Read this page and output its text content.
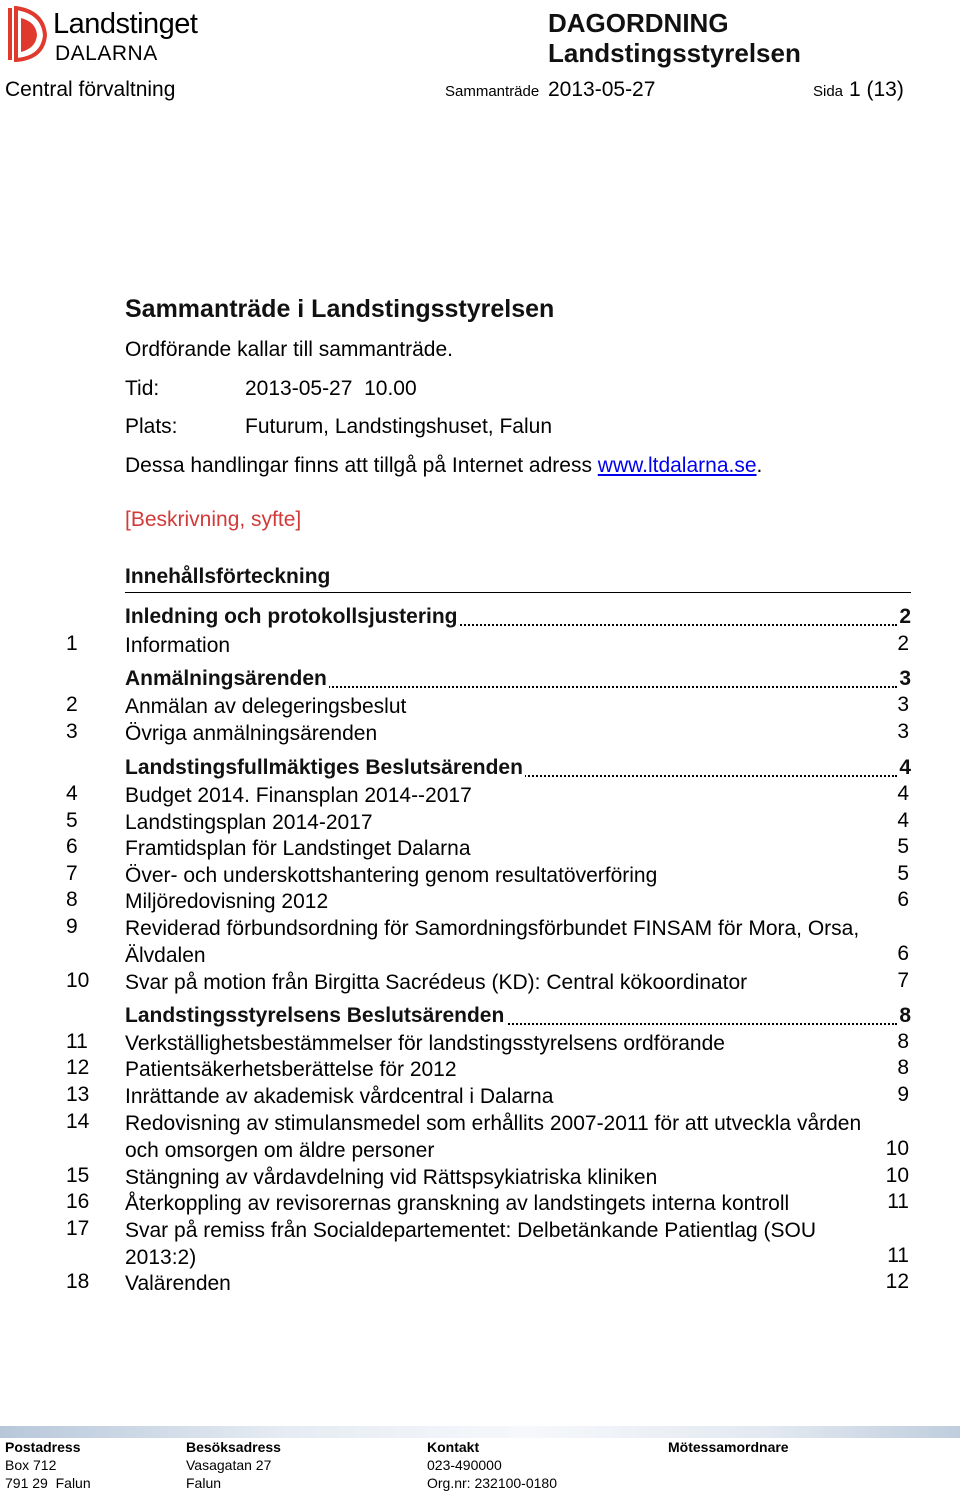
Landstinget
DALARNA
DAGORDNING
Landstingsstyrelsen
Central förvaltning	Sammanträde 2013-05-27	Sida 1 (13)
Sammanträde i Landstingsstyrelsen
Ordförande kallar till sammanträde.
Tid:	2013-05-27  10.00
Plats:	Futurum, Landstingshuset, Falun
Dessa handlingar finns att tillgå på Internet adress www.ltdalarna.se.
[Beskrivning, syfte]
Innehållsförteckning
Inledning och protokollsjustering	2
1 Information	2
Anmälningsärenden	3
2 Anmälan av delegeringsbeslut	3
3 Övriga anmälningsärenden	3
Landstingsfullmäktiges Beslutsärenden	4
4 Budget 2014. Finansplan 2014--2017	4
5 Landstingsplan 2014-2017	4
6 Framtidsplan för Landstinget Dalarna	5
7 Över- och underskottshantering genom resultatöverföring	5
8 Miljöredovisning 2012	6
9 Reviderad förbundsordning för Samordningsförbundet FINSAM för Mora, Orsa, Älvdalen	6
10 Svar på motion från Birgitta Sacrédeus (KD): Central kökoordinator	7
Landstingsstyrelsens Beslutsärenden	8
11 Verkställighetsbestämmelser för landstingsstyrelsens ordförande	8
12 Patientsäkerhetsberättelse för 2012	8
13 Inrättande av akademisk vårdcentral i Dalarna	9
14 Redovisning av stimulansmedel som erhållits 2007-2011 för att utveckla vården och omsorgen om äldre personer	10
15 Stängning av vårdavdelning vid Rättspsykiatriska kliniken	10
16 Återkoppling av revisorernas granskning av landstingets interna kontroll	11
17 Svar på remiss från Socialdepartementet: Delbetänkande Patientlag (SOU 2013:2)	11
18 Valärenden	12
Postadress
Box 712
791 29  Falun
Besöksadress
Vasagatan 27
Falun
Kontakt
023-490000
Org.nr: 232100-0180
Mötessamordnare
